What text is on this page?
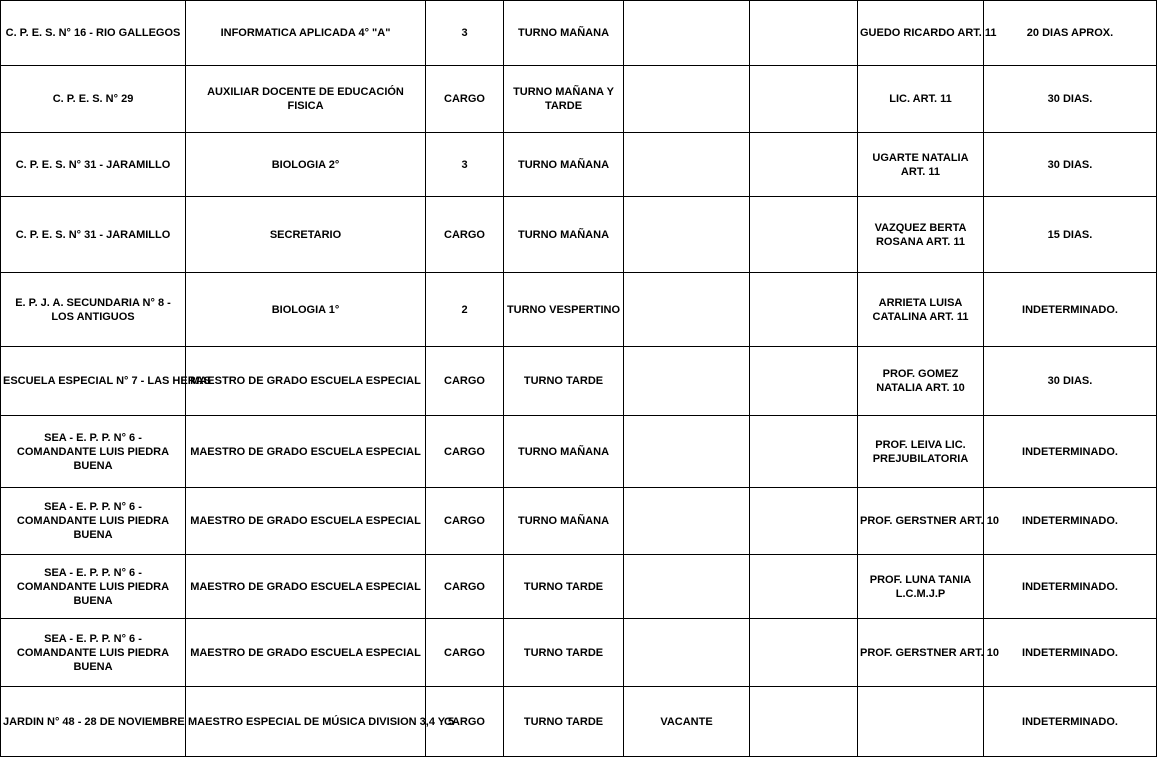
C. P. E. S. N° 16 - RIO GALLEGOS	INFORMATICA APLICADA 4° "A"	3	TURNO MAÑANA			GUEDO RICARDO ART. 11	20 DIAS APROX.
C. P. E. S. N° 29	AUXILIAR DOCENTE DE EDUCACIÓN FISICA	CARGO	TURNO MAÑANA Y TARDE			LIC. ART. 11	30 DIAS.
C. P. E. S. N° 31 - JARAMILLO	BIOLOGIA 2°	3	TURNO MAÑANA			UGARTE NATALIA ART. 11	30 DIAS.
C. P. E. S. N° 31 - JARAMILLO	SECRETARIO	CARGO	TURNO MAÑANA			VAZQUEZ BERTA ROSANA ART. 11	15 DIAS.
E. P. J. A. SECUNDARIA N° 8 - LOS ANTIGUOS	BIOLOGIA 1°	2	TURNO VESPERTINO			ARRIETA LUISA CATALINA ART. 11	INDETERMINADO.
ESCUELA ESPECIAL N° 7 - LAS HERAS	MAESTRO DE GRADO ESCUELA ESPECIAL	CARGO	TURNO TARDE			PROF. GOMEZ NATALIA ART. 10	30 DIAS.
SEA - E. P. P. N° 6 - COMANDANTE LUIS PIEDRA BUENA	MAESTRO DE GRADO ESCUELA ESPECIAL	CARGO	TURNO MAÑANA			PROF. LEIVA LIC. PREJUBILATORIA	INDETERMINADO.
SEA - E. P. P. N° 6 - COMANDANTE LUIS PIEDRA BUENA	MAESTRO DE GRADO ESCUELA ESPECIAL	CARGO	TURNO MAÑANA			PROF. GERSTNER ART. 10	INDETERMINADO.
SEA - E. P. P. N° 6 - COMANDANTE LUIS PIEDRA BUENA	MAESTRO DE GRADO ESCUELA ESPECIAL	CARGO	TURNO TARDE			PROF. LUNA TANIA L.C.M.J.P	INDETERMINADO.
SEA - E. P. P. N° 6 - COMANDANTE LUIS PIEDRA BUENA	MAESTRO DE GRADO ESCUELA ESPECIAL	CARGO	TURNO TARDE			PROF. GERSTNER ART. 10	INDETERMINADO.
JARDIN N° 48 - 28 DE NOVIEMBRE	MAESTRO ESPECIAL DE MÚSICA DIVISION 3,4 Y 5	CARGO	TURNO TARDE	VACANTE			INDETERMINADO.
